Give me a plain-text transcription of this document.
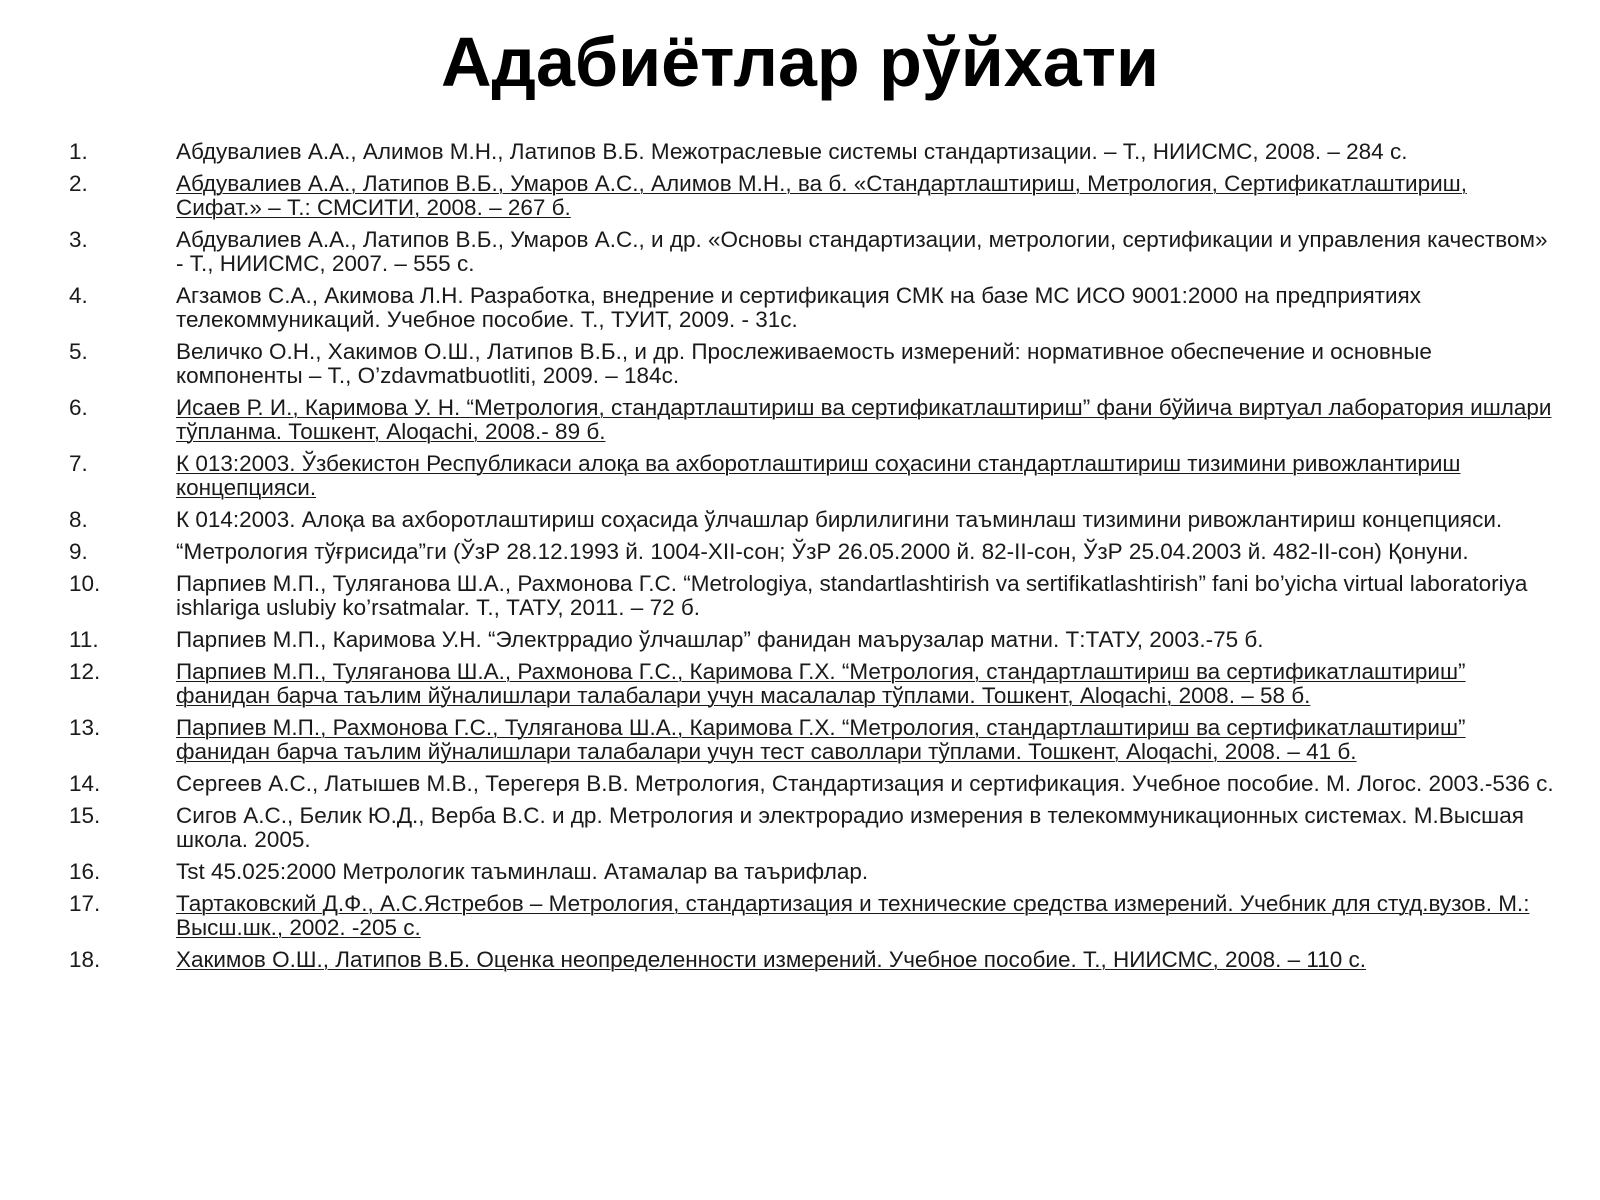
Адабиётлар рўйхати
1.	Абдувалиев А.А., Алимов М.Н., Латипов В.Б. Межотраслевые системы стандартизации. – Т., НИИСМС, 2008. – 284 с.
2.	Абдувалиев А.А., Латипов В.Б., Умаров А.С., Алимов М.Н., ва б. «Стандартлаштириш, Метрология, Сертификатлаштириш, Сифат.» – Т.: СМСИТИ, 2008. – 267 б.
3.	Абдувалиев А.А., Латипов В.Б., Умаров А.С., и др. «Основы стандартизации, метрологии, сертификации и управления качеством» - Т., НИИСМС, 2007. – 555 с.
4.	Агзамов С.А., Акимова Л.Н. Разработка, внедрение и сертификация СМК на базе МС ИСО 9001:2000 на предприятиях телекоммуникаций. Учебное пособие. Т., ТУИТ, 2009. - 31с.
5.	Величко О.Н., Хакимов О.Ш., Латипов В.Б., и др. Прослеживаемость измерений: нормативное обеспечение и основные компоненты – Т., O’zdavmatbuotliti, 2009. – 184с.
6.	Исаев Р. И., Каримова У. Н. “Метрология, стандартлаштириш ва сертификатлаштириш” фани бўйича виртуал лаборатория ишлари тўпланма. Тошкент, Aloqachi, 2008.- 89 б.
7.	К 013:2003. Ўзбекистон Республикаси алоқа ва ахборотлаштириш соҳасини стандартлаштириш тизимини ривожлантириш концепцияси.
8.	К 014:2003. Алоқа ва ахборотлаштириш соҳасида ўлчашлар бирлилигини таъминлаш тизимини ривожлантириш концепцияси.
9.	“Метрология тўғрисида”ги (ЎзР 28.12.1993 й. 1004-XII-сон; ЎзР 26.05.2000 й. 82-II-сон, ЎзР 25.04.2003 й. 482-II-сон) Қонуни.
10.	Парпиев М.П., Туляганова Ш.А., Рахмонова Г.С. “Metrologiya, standartlashtirish va sertifikatlashtirish” fani bo’yicha virtual laboratoriya ishlariga uslubiy ko’rsatmalar. Т., ТАТУ, 2011. – 72 б.
11.	Парпиев М.П., Каримова У.Н. “Электррадио ўлчашлар” фанидан маърузалар матни. Т:ТАТУ, 2003.-75 б.
12.	Парпиев М.П., Туляганова Ш.А., Рахмонова Г.С., Каримова Г.Х. “Метрология, стандартлаштириш ва сертификатлаштириш” фанидан барча таълим йўналишлари талабалари учун масалалар тўплами. Тошкент, Aloqachi, 2008. – 58 б.
13.	Парпиев М.П., Рахмонова Г.С., Туляганова Ш.А., Каримова Г.Х. “Метрология, стандартлаштириш ва сертификатлаштириш” фанидан барча таълим йўналишлари талабалари учун тест саволлари тўплами. Тошкент, Aloqachi, 2008. – 41 б.
14.	Сергеев А.С., Латышев М.В., Терегеря В.В. Метрология, Стандартизация и сертификация. Учебное пособие. М. Логос. 2003.-536 с.
15.	Сигов А.С., Белик Ю.Д., Верба В.С. и др. Метрология и электрорадио измерения в телекоммуникационных системах. М.Высшая школа. 2005.
16.	Tst 45.025:2000 Метрологик таъминлаш. Атамалар ва таърифлар.
17.	Тартаковский Д.Ф., А.С.Ястребов – Метрология, стандартизация и технические средства измерений. Учебник для студ.вузов. М.: Высш.шк., 2002. -205 с.
18.	Хакимов О.Ш., Латипов В.Б. Оценка неопределенности измерений. Учебное пособие. Т., НИИСМС, 2008. – 110 с.
